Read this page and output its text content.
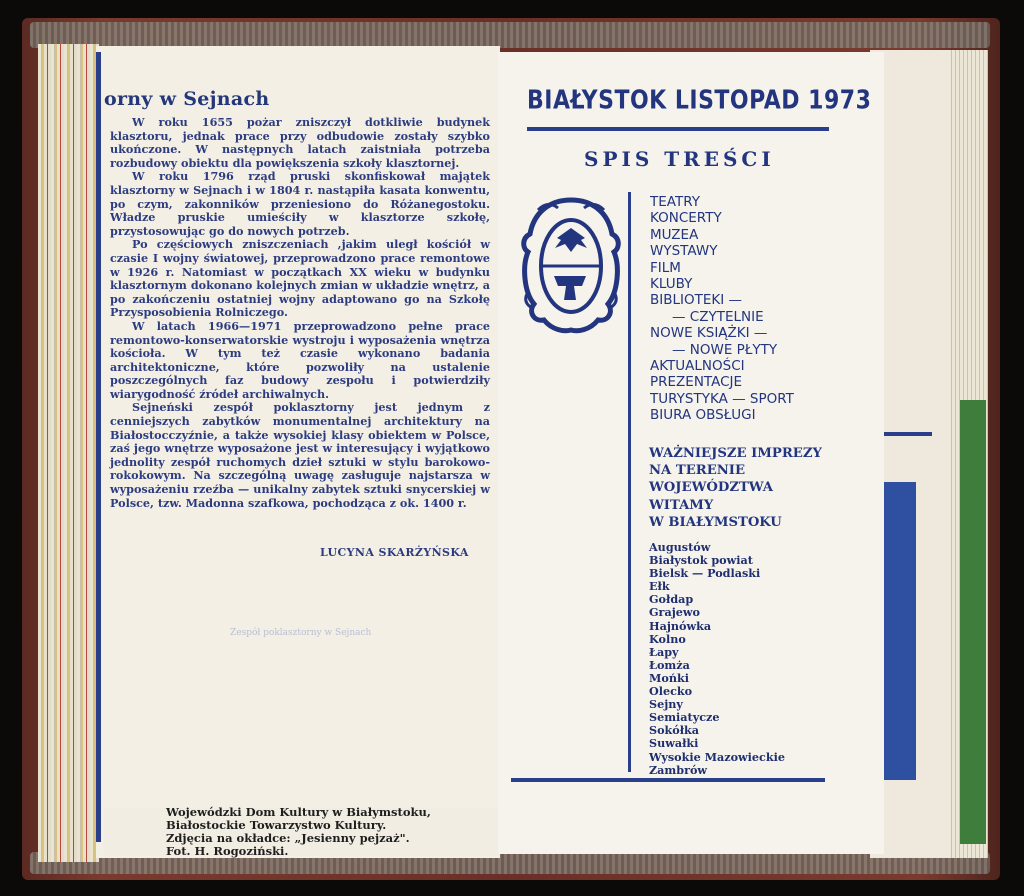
orny w Sejnach

W roku 1655 pożar zniszczył dotkliwie budynek klasztoru, jednak prace przy odbudowie zostały szybko ukończone. W następnych latach zaistniała potrzeba rozbudowy obiektu dla powiększenia szkoły klasztornej.

W roku 1796 rząd pruski skonfiskował majątek klasztorny w Sejnach i w 1804 r. nastąpiła kasata konwentu, po czym, zakonników przeniesiono do Różanegostoku. Władze pruskie umieściły w klasztorze szkołę, przystosowując go do nowych potrzeb.

Po częściowych zniszczeniach ,jakim uległ kościół w czasie I wojny światowej, przeprowadzono prace remontowe w 1926 r. Natomiast w początkach XX wieku w budynku klasztornym dokonano kolejnych zmian w układzie wnętrz, a po zakończeniu ostatniej wojny adaptowano go na Szkołę Przysposobienia Rolniczego.

W latach 1966—1971 przeprowadzono pełne prace remontowo-konserwatorskie wystroju i wyposażenia wnętrza kościoła. W tym też czasie wykonano badania architektoniczne, które pozwoliły na ustalenie poszczególnych faz budowy zespołu i potwierdziły wiarygodność źródeł archiwalnych.

Sejneński zespół poklasztorny jest jednym z cenniejszych zabytków monumentalnej architektury na Białostocczyźnie, a także wysokiej klasy obiektem w Polsce, zaś jego wnętrze wyposażone jest w interesujący i wyjątkowo jednolity zespół ruchomych dzieł sztuki w stylu barokowo-rokokowym. Na szczególną uwagę zasługuje najstarsza w wyposażeniu rzeźba — unikalny zabytek sztuki snycerskiej w Polsce, tzw. Madonna szafkowa, pochodząca z ok. 1400 r.

LUCYNA SKARŻYŃSKA
Zespół poklasztorny w Sejnach
Wojewódzki Dom Kultury w Białymstoku,
Białostockie Towarzystwo Kultury.
Zdjęcia na okładce: „Jesienny pejzaż".
Fot. H. Rogoziński.
BIAŁYSTOK LISTOPAD 1973
SPIS TREŚCI
TEATRY
KONCERTY
MUZEA
WYSTAWY
FILM
KLUBY
BIBLIOTEKI —
— CZYTELNIE
NOWE KSIĄŻKI —
— NOWE PŁYTY
AKTUALNOŚCI
PREZENTACJE
TURYSTYKA — SPORT
BIURA OBSŁUGI
WAŻNIEJSZE IMPREZY
NA TERENIE
WOJEWÓDZTWA
WITAMY
W BIAŁYMSTOKU
Augustów
Białystok powiat
Bielsk — Podlaski
Ełk
Gołdap
Grajewo
Hajnówka
Kolno
Łapy
Łomża
Mońki
Olecko
Sejny
Semiatycze
Sokółka
Suwałki
Wysokie Mazowieckie
Zambrów
